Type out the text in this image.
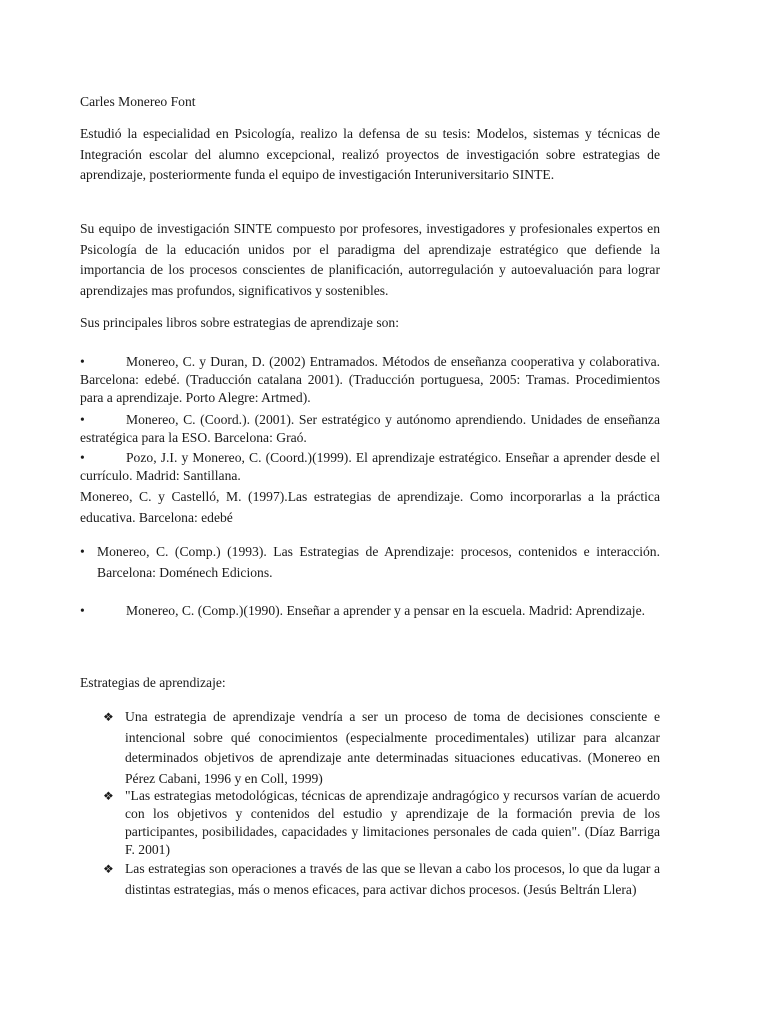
Carles Monereo Font

Estudió la especialidad en Psicología, realizo la defensa de su tesis: Modelos, sistemas y técnicas de Integración escolar del alumno excepcional, realizó proyectos de investigación sobre estrategias de aprendizaje, posteriormente funda el equipo de investigación Interuniversitario SINTE.

Su equipo de investigación SINTE compuesto por profesores, investigadores y profesionales expertos en Psicología de la educación unidos por el paradigma del aprendizaje estratégico que defiende la importancia de los procesos conscientes de planificación, autorregulación y autoevaluación para lograr aprendizajes mas profundos, significativos y sostenibles.

Sus principales libros sobre estrategias de aprendizaje son:

•	Monereo, C. y Duran, D. (2002) Entramados. Métodos de enseñanza cooperativa y colaborativa. Barcelona: edebé. (Traducción catalana 2001). (Traducción portuguesa, 2005: Tramas. Procedimientos para a aprendizaje. Porto Alegre: Artmed).

•	Monereo, C. (Coord.). (2001). Ser estratégico y autónomo aprendiendo. Unidades de enseñanza estratégica para la ESO. Barcelona: Graó.

•	Pozo, J.I. y Monereo, C. (Coord.)(1999). El aprendizaje estratégico. Enseñar a aprender desde el currículo. Madrid: Santillana.

Monereo, C. y Castelló, M. (1997).Las estrategias de aprendizaje. Como incorporarlas a la práctica educativa. Barcelona: edebé

• Monereo, C. (Comp.) (1993). Las Estrategias de Aprendizaje: procesos, contenidos e interacción. Barcelona: Doménech Edicions.

•	Monereo, C. (Comp.)(1990). Enseñar a aprender y a pensar en la escuela. Madrid: Aprendizaje.

Estrategias de aprendizaje:

❖ Una estrategia de aprendizaje vendría a ser un proceso de toma de decisiones consciente e intencional sobre qué conocimientos (especialmente procedimentales) utilizar para alcanzar determinados objetivos de aprendizaje ante determinadas situaciones educativas. (Monereo en Pérez Cabani, 1996 y en Coll, 1999)

❖ "Las estrategias metodológicas, técnicas de aprendizaje andragógico y recursos varían de acuerdo con los objetivos y contenidos del estudio y aprendizaje de la formación previa de los participantes, posibilidades, capacidades y limitaciones personales de cada quien". (Díaz Barriga F. 2001)

❖ Las estrategias son operaciones a través de las que se llevan a cabo los procesos, lo que da lugar a distintas estrategias, más o menos eficaces, para activar dichos procesos. (Jesús Beltrán Llera)
